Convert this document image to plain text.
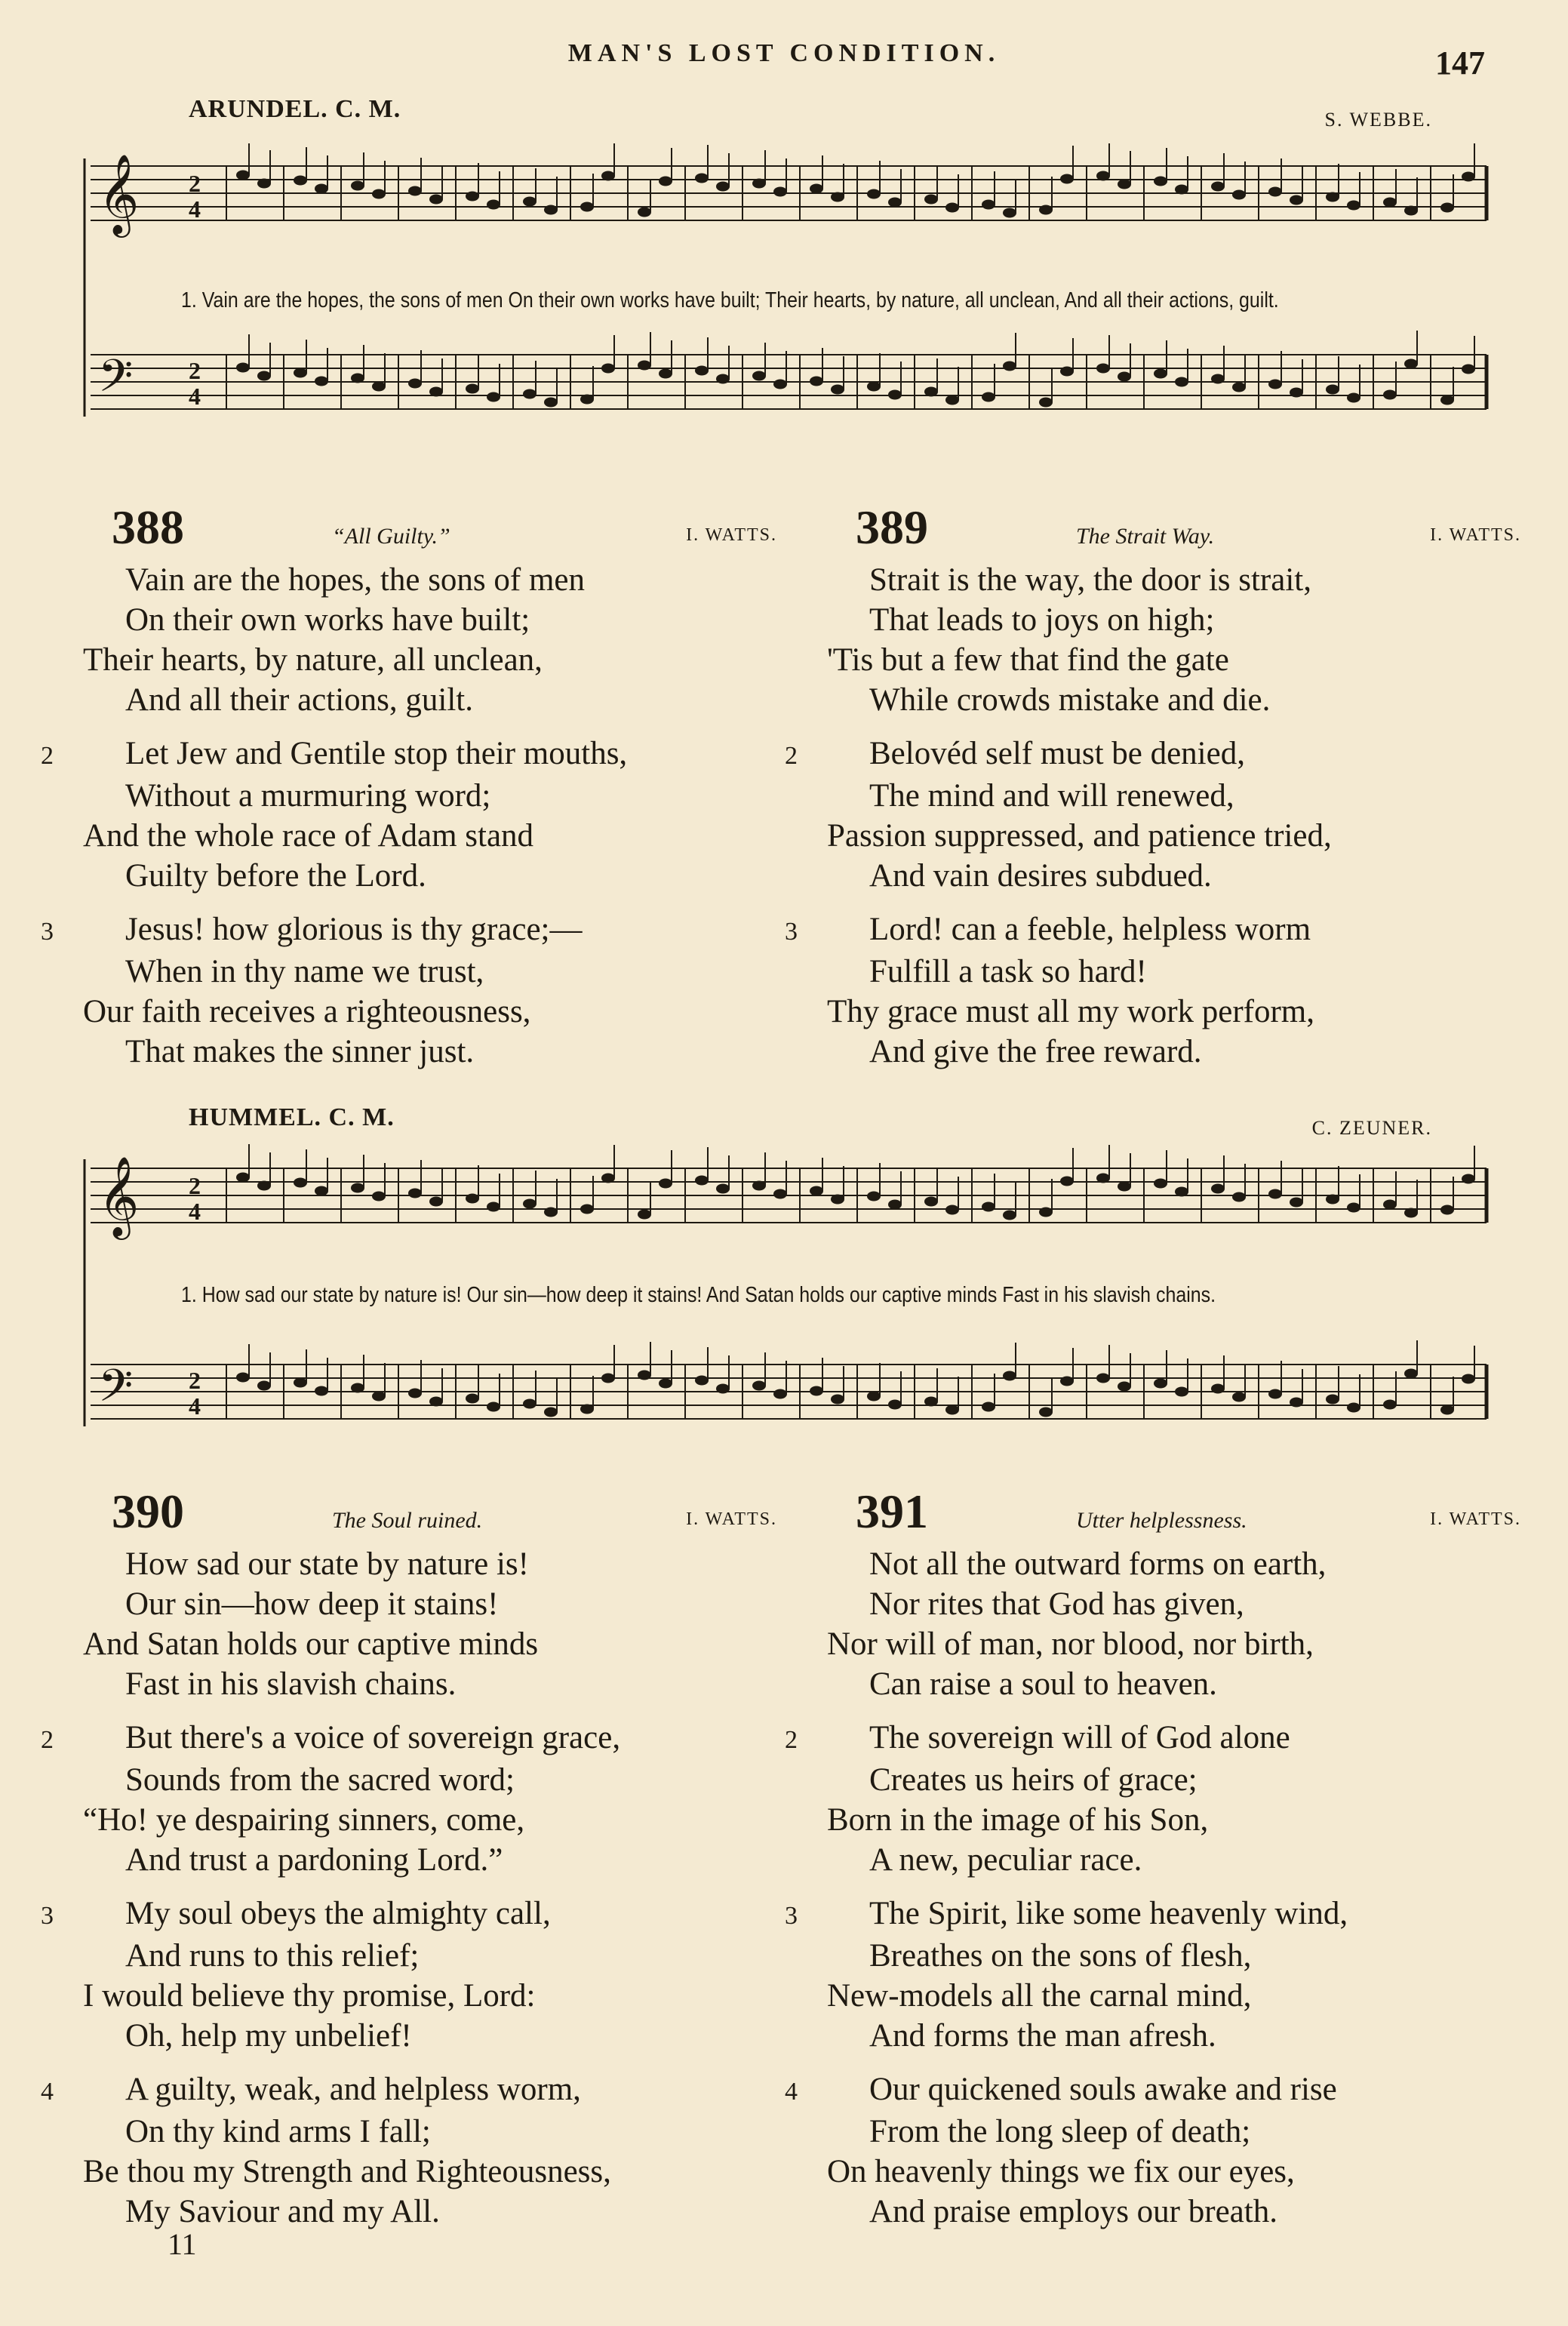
MAN'S LOST CONDITION.	147
ARUNDEL. C. M.	S. WEBBE.
𝄞
𝄢
2
4
2
4
1. Vain are the hopes, the sons of men On their own works have built; Their hearts, by nature, all unclean, And all their actions, guilt.
388	“All Guilty.”	I. WATTS.
Vain are the hopes, the sons of men
On their own works have built;
Their hearts, by nature, all unclean,
And all their actions, guilt.
2 Let Jew and Gentile stop their mouths,
Without a murmuring word;
And the whole race of Adam stand
Guilty before the Lord.
3 Jesus! how glorious is thy grace;—
When in thy name we trust,
Our faith receives a righteousness,
That makes the sinner just.
389	The Strait Way.	I. WATTS.
Strait is the way, the door is strait,
That leads to joys on high;
'Tis but a few that find the gate
While crowds mistake and die.
2 Belovéd self must be denied,
The mind and will renewed,
Passion suppressed, and patience tried,
And vain desires subdued.
3 Lord! can a feeble, helpless worm
Fulfill a task so hard!
Thy grace must all my work perform,
And give the free reward.
HUMMEL. C. M.	C. ZEUNER.
𝄞
𝄢
2
4
2
4
1. How sad our state by nature is! Our sin—how deep it stains! And Satan holds our captive minds Fast in his slavish chains.
390	The Soul ruined.	I. WATTS.
How sad our state by nature is!
Our sin—how deep it stains!
And Satan holds our captive minds
Fast in his slavish chains.
2 But there's a voice of sovereign grace,
Sounds from the sacred word;
“Ho! ye despairing sinners, come,
And trust a pardoning Lord.”
3 My soul obeys the almighty call,
And runs to this relief;
I would believe thy promise, Lord:
Oh, help my unbelief!
4 A guilty, weak, and helpless worm,
On thy kind arms I fall;
Be thou my Strength and Righteousness,
My Saviour and my All.
391	Utter helplessness.	I. WATTS.
Not all the outward forms on earth,
Nor rites that God has given,
Nor will of man, nor blood, nor birth,
Can raise a soul to heaven.
2 The sovereign will of God alone
Creates us heirs of grace;
Born in the image of his Son,
A new, peculiar race.
3 The Spirit, like some heavenly wind,
Breathes on the sons of flesh,
New-models all the carnal mind,
And forms the man afresh.
4 Our quickened souls awake and rise
From the long sleep of death;
On heavenly things we fix our eyes,
And praise employs our breath.
11
